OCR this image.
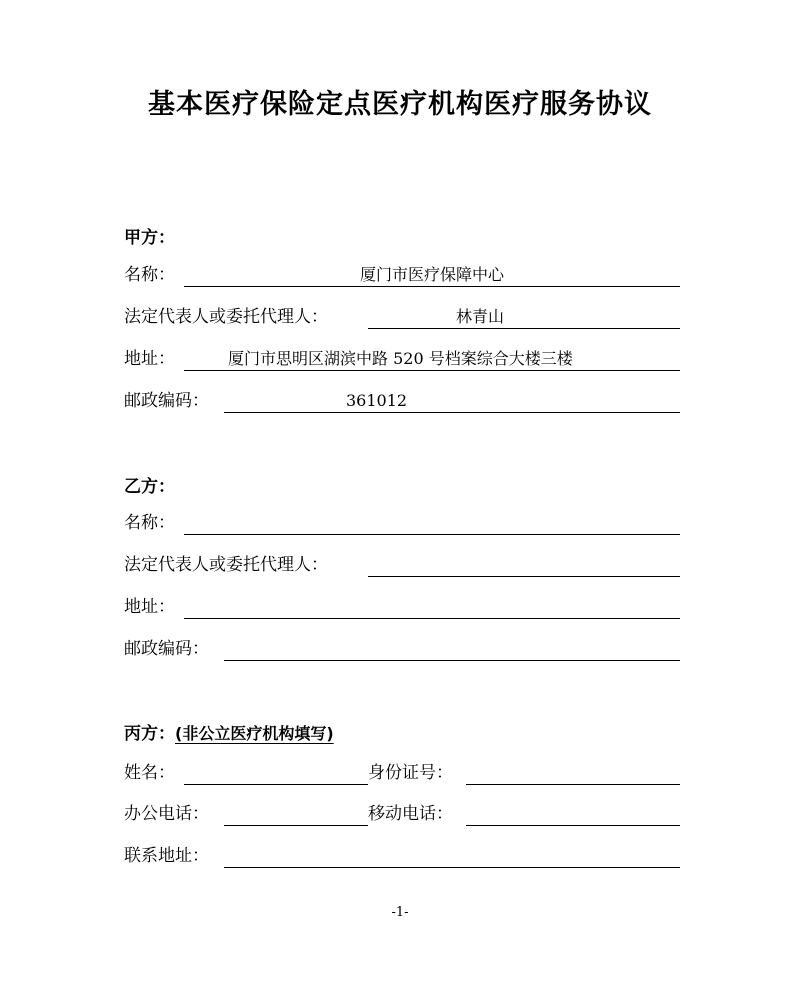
基本医疗保险定点医疗机构医疗服务协议
甲方：
名称：	厦门市医疗保障中心
法定代表人或委托代理人：	林青山
地址：	厦门市思明区湖滨中路 520 号档案综合大楼三楼
邮政编码：	361012
乙方：
名称：
法定代表人或委托代理人：
地址：
邮政编码：
丙方：(非公立医疗机构填写)
姓名：	身份证号：
办公电话：	移动电话：
联系地址：
-1-
